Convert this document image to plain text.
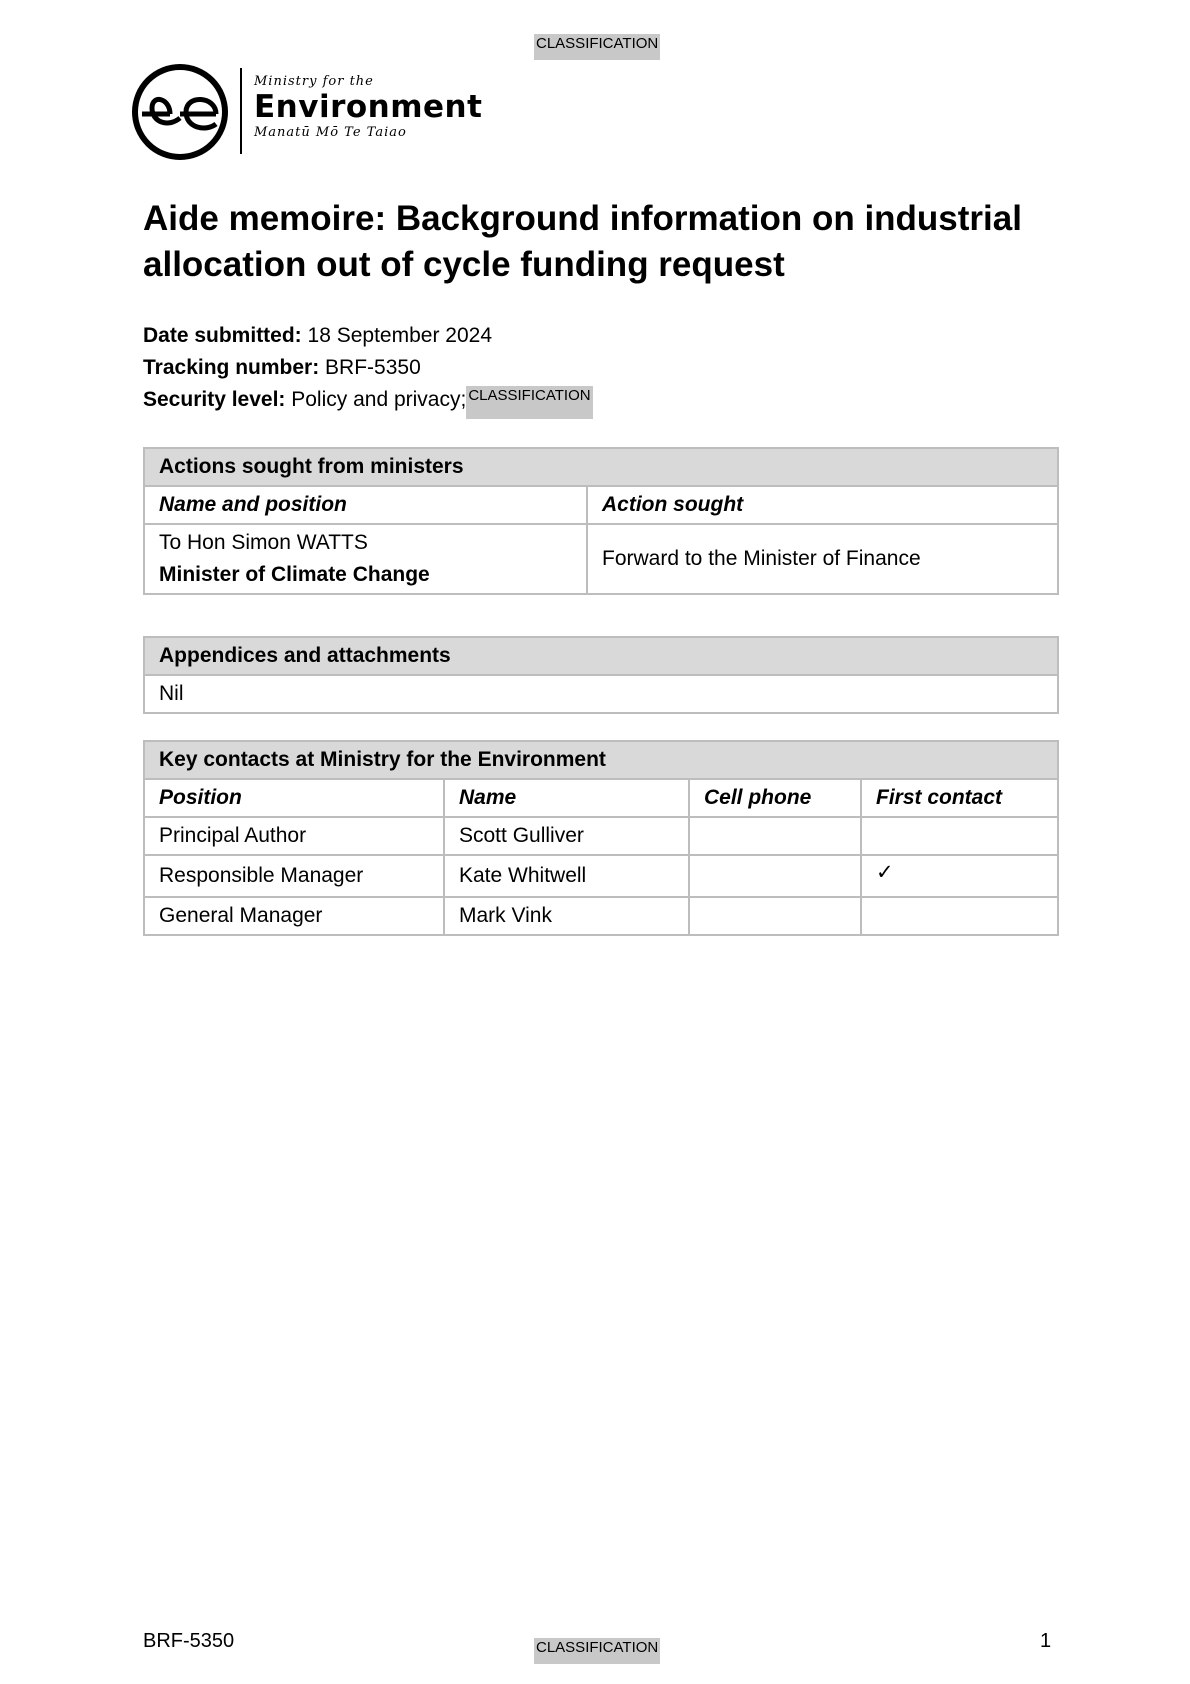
CLASSIFICATION
Ministry for the
Environment
Manatū Mō Te Taiao
Aide memoire: Background information on industrial allocation out of cycle funding request
Date submitted: 18 September 2024
Tracking number: BRF-5350
Security level: Policy and privacy; CLASSIFICATION
Actions sought from ministers	
Name and position	Action sought

To Hon Simon WATTS
Minister of Climate Change	Forward to the Minister of Finance
Appendices and attachments
Nil
Key contacts at Ministry for the Environment			
Position	Name	Cell phone	First contact
Principal Author	Scott Gulliver		
Responsible Manager	Kate Whitwell		✓
General Manager	Mark Vink		
BRF-5350	CLASSIFICATION	1
